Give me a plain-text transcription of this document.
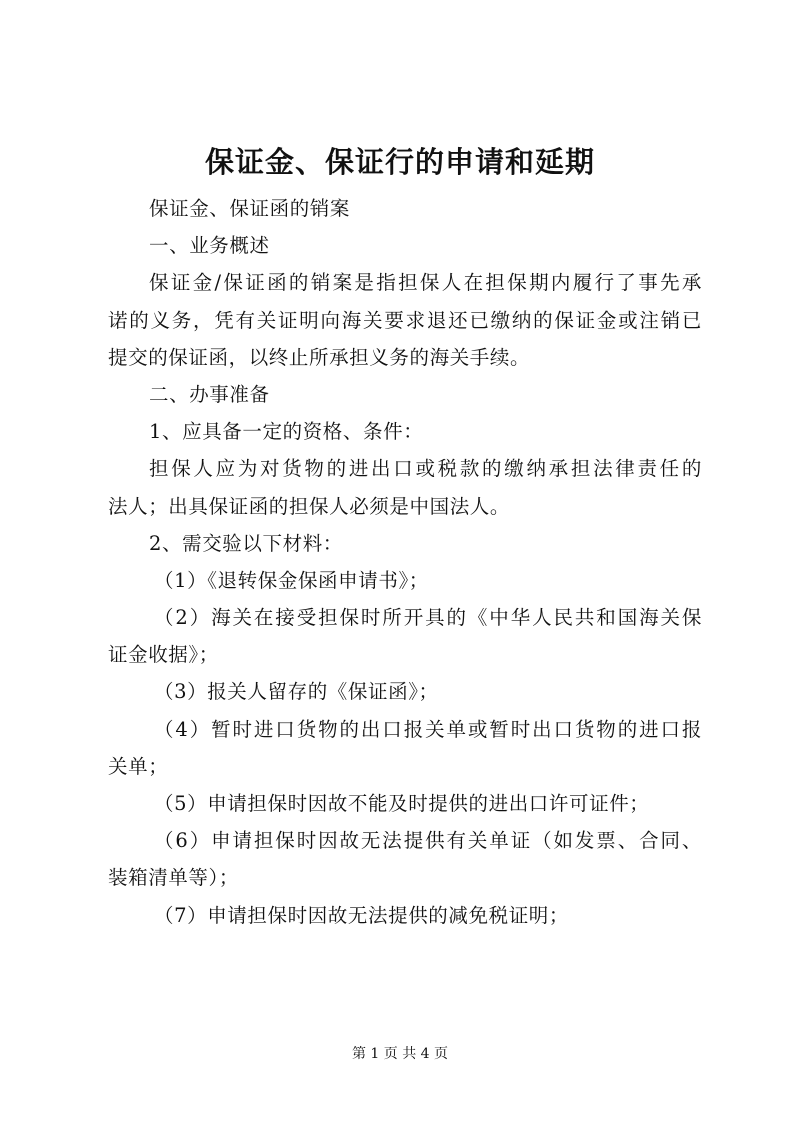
保证金、保证行的申请和延期
保证金、保证函的销案
一、业务概述
保证金/保证函的销案是指担保人在担保期内履行了事先承
诺的义务，凭有关证明向海关要求退还已缴纳的保证金或注销已
提交的保证函，以终止所承担义务的海关手续。
二、办事准备
1、应具备一定的资格、条件：
担保人应为对货物的进出口或税款的缴纳承担法律责任的
法人；出具保证函的担保人必须是中国法人。
2、需交验以下材料：
（1）《退转保金保函申请书》；
（2）海关在接受担保时所开具的《中华人民共和国海关保
证金收据》；
（3）报关人留存的《保证函》；
（4）暂时进口货物的出口报关单或暂时出口货物的进口报
关单；
（5）申请担保时因故不能及时提供的进出口许可证件；
（6）申请担保时因故无法提供有关单证（如发票、合同、
装箱清单等）；
（7）申请担保时因故无法提供的减免税证明；
第 1 页 共 4 页
